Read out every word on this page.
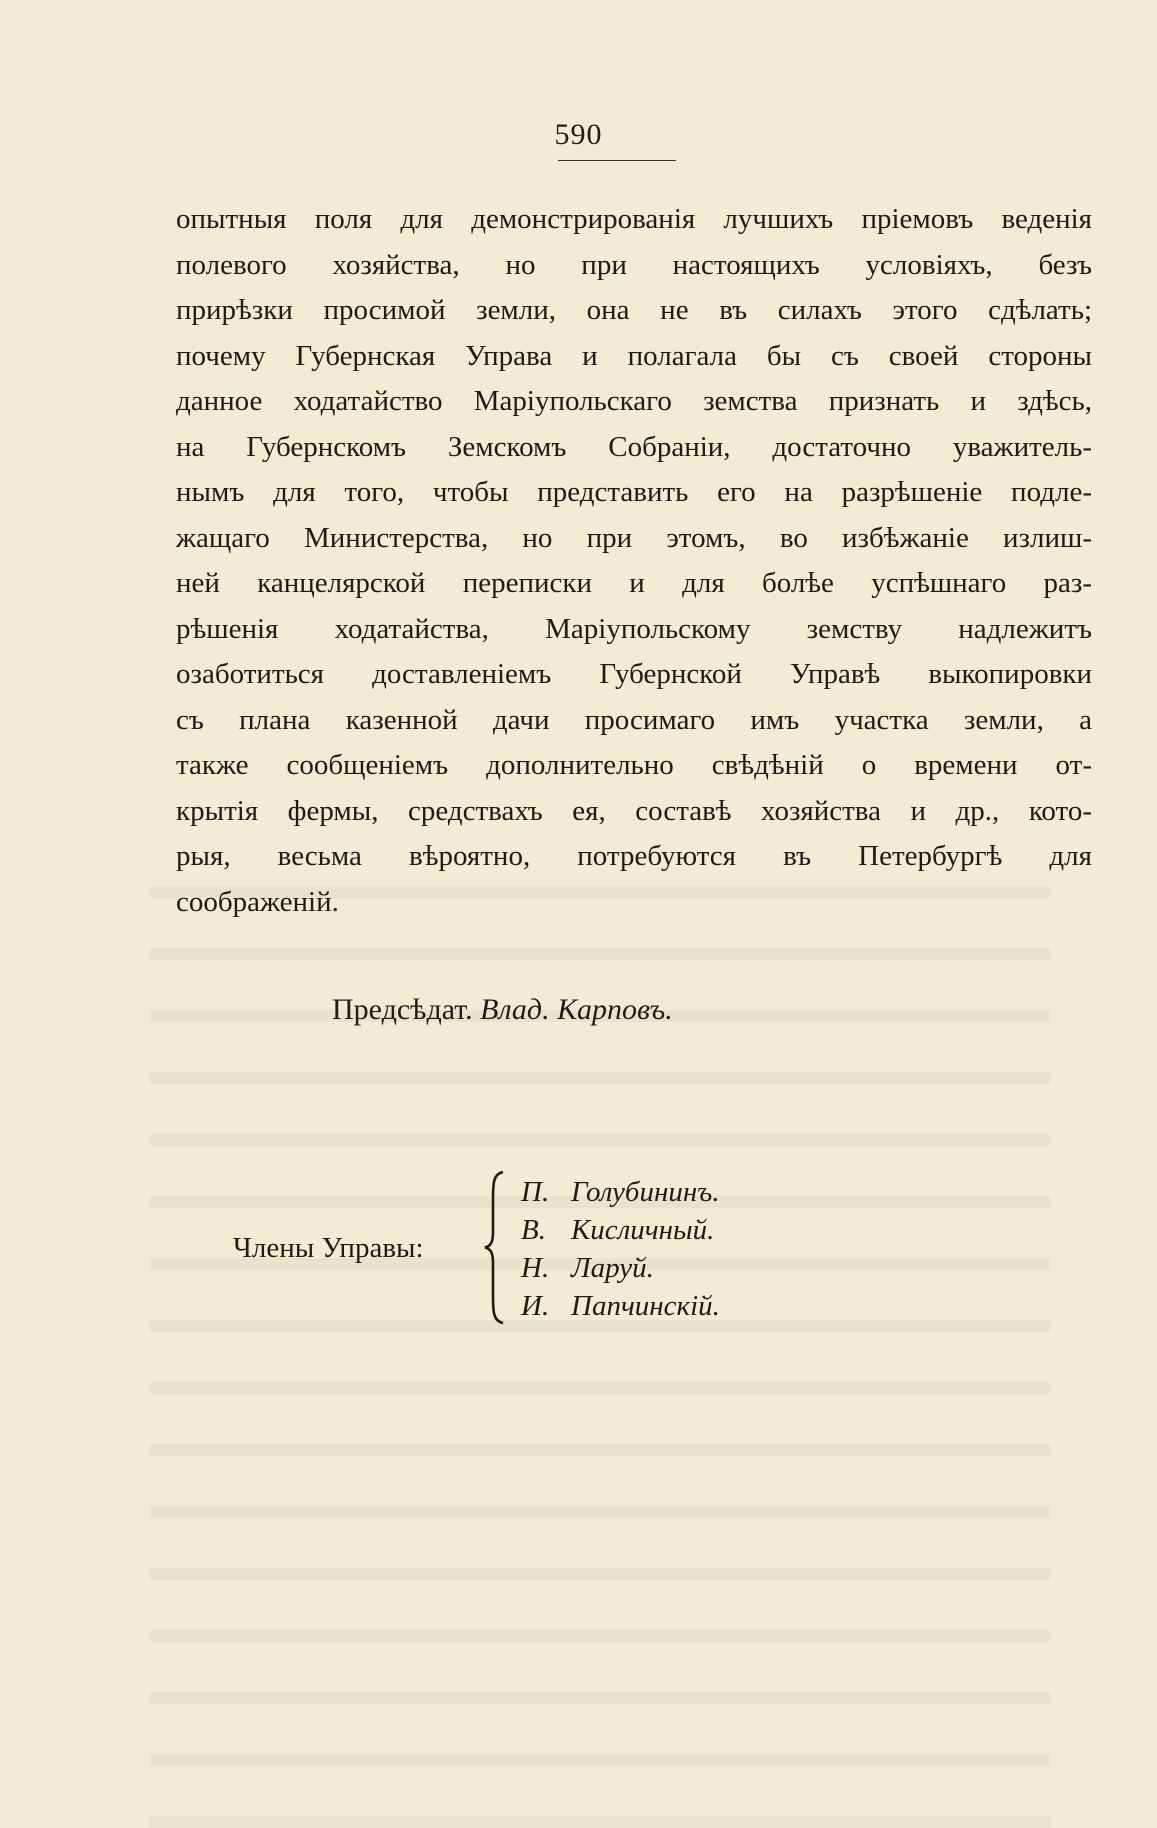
590
опытныя поля для демонстрированія лучшихъ пріемовъ веденія
полевого хозяйства, но при настоящихъ условіяхъ, безъ
прирѣзки просимой земли, она не въ силахъ этого сдѣлать;
почему Губернская Управа и полагала бы съ своей стороны
данное ходатайство Маріупольскаго земства признать и здѣсь,
на Губернскомъ Земскомъ Собраніи, достаточно уважитель-
нымъ для того, чтобы представить его на разрѣшеніе подле-
жащаго Министерства, но при этомъ, во избѣжаніе излиш-
ней канцелярской переписки и для болѣе успѣшнаго раз-
рѣшенія ходатайства, Маріупольскому земству надлежитъ
озаботиться доставленіемъ Губернской Управѣ выкопировки
съ плана казенной дачи просимаго имъ участка земли, а
также сообщеніемъ дополнительно свѣдѣній о времени от-
крытія фермы, средствахъ ея, составѣ хозяйства и др., кото-
рыя, весьма вѣроятно, потребуются въ Петербургѣ для
соображеній.
Предсѣдат. Влад. Карповъ.
Члены Управы:
П. Голубининъ.
В. Кисличный.
Н. Ларуй.
И. Папчинскій.
